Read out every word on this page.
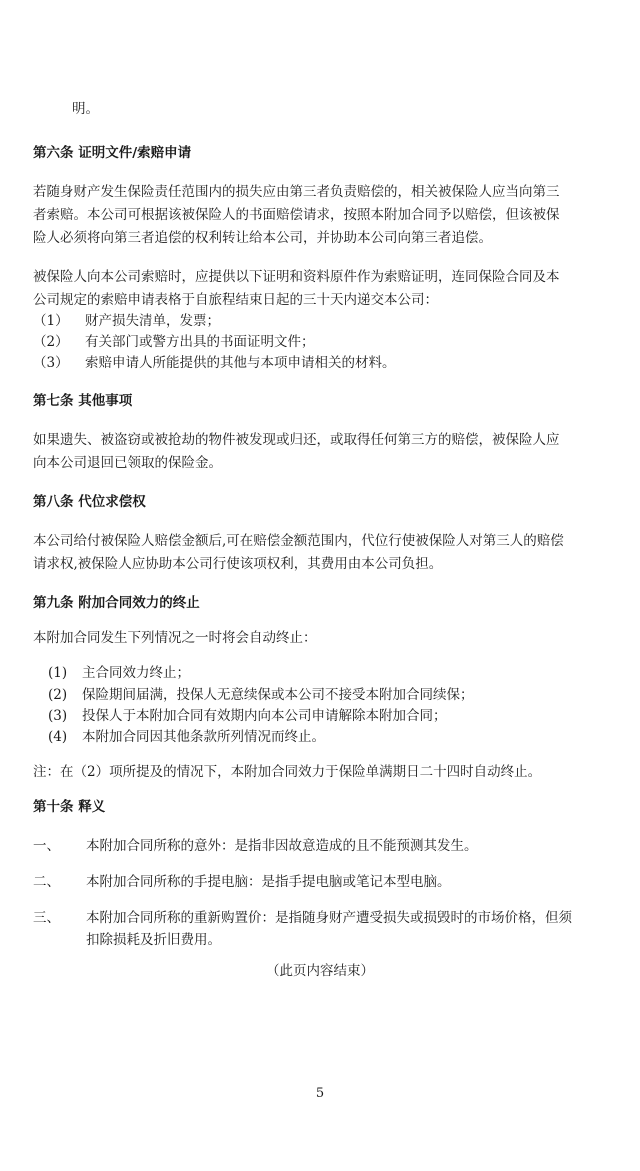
明。
第六条 证明文件/索赔申请
若随身财产发生保险责任范围内的损失应由第三者负责赔偿的，相关被保险人应当向第三
者索赔。本公司可根据该被保险人的书面赔偿请求，按照本附加合同予以赔偿，但该被保
险人必须将向第三者追偿的权利转让给本公司，并协助本公司向第三者追偿。
被保险人向本公司索赔时，应提供以下证明和资料原件作为索赔证明，连同保险合同及本
公司规定的索赔申请表格于自旅程结束日起的三十天内递交本公司：
（1） 财产损失清单，发票；
（2） 有关部门或警方出具的书面证明文件；
（3） 索赔申请人所能提供的其他与本项申请相关的材料。
第七条 其他事项
如果遗失、被盗窃或被抢劫的物件被发现或归还，或取得任何第三方的赔偿，被保险人应
向本公司退回已领取的保险金。
第八条 代位求偿权
本公司给付被保险人赔偿金额后,可在赔偿金额范围内，代位行使被保险人对第三人的赔偿
请求权,被保险人应协助本公司行使该项权利，其费用由本公司负担。
第九条 附加合同效力的终止
本附加合同发生下列情况之一时将会自动终止：
(1) 主合同效力终止；
(2) 保险期间届满，投保人无意续保或本公司不接受本附加合同续保；
(3) 投保人于本附加合同有效期内向本公司申请解除本附加合同；
(4) 本附加合同因其他条款所列情况而终止。
注：在（2）项所提及的情况下，本附加合同效力于保险单满期日二十四时自动终止。
第十条 释义
一、 本附加合同所称的意外：是指非因故意造成的且不能预测其发生。
二、 本附加合同所称的手提电脑：是指手提电脑或笔记本型电脑。
三、 本附加合同所称的重新购置价：是指随身财产遭受损失或损毁时的市场价格，但须
扣除损耗及折旧费用。
（此页内容结束）
5
